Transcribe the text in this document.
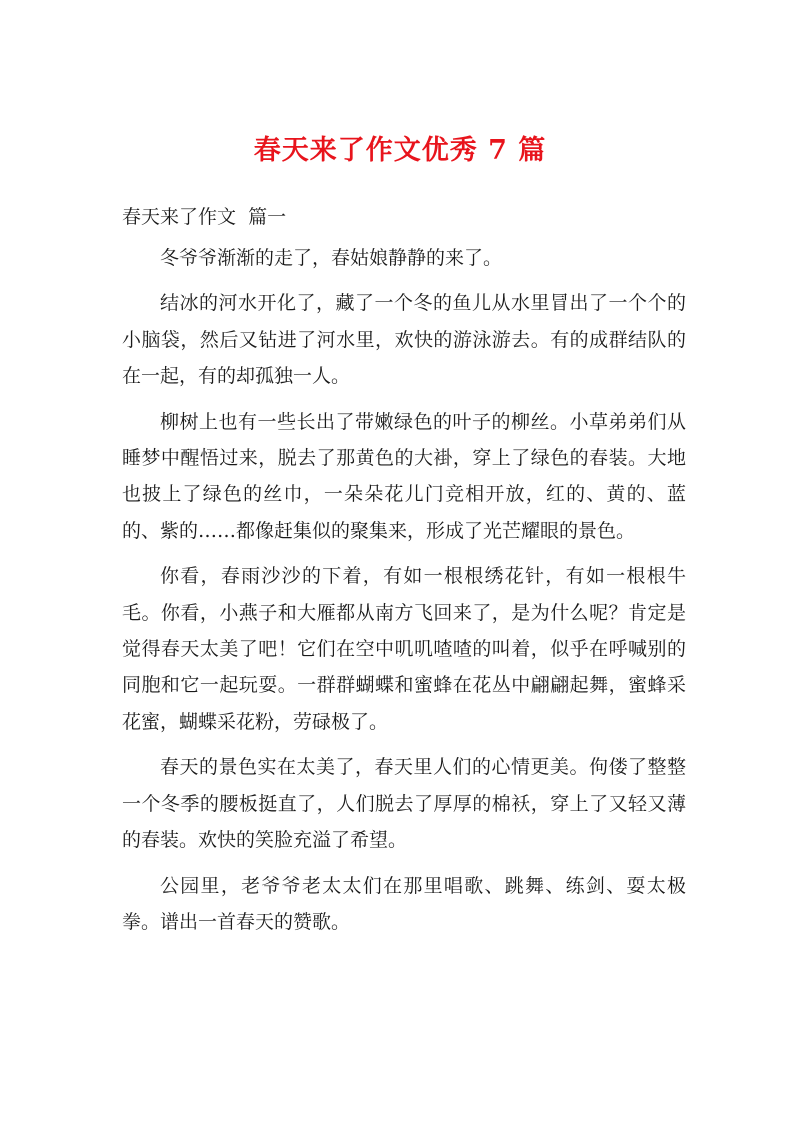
春天来了作文优秀 7 篇
春天来了作文  篇一

冬爷爷渐渐的走了，春姑娘静静的来了。

结冰的河水开化了，藏了一个冬的鱼儿从水里冒出了一个个的小脑袋，然后又钻进了河水里，欢快的游泳游去。有的成群结队的在一起，有的却孤独一人。

柳树上也有一些长出了带嫩绿色的叶子的柳丝。小草弟弟们从睡梦中醒悟过来，脱去了那黄色的大褂，穿上了绿色的春装。大地也披上了绿色的丝巾，一朵朵花儿门竞相开放，红的、黄的、蓝的、紫的……都像赶集似的聚集来，形成了光芒耀眼的景色。

你看，春雨沙沙的下着，有如一根根绣花针，有如一根根牛毛。你看，小燕子和大雁都从南方飞回来了，是为什么呢？肯定是觉得春天太美了吧！它们在空中叽叽喳喳的叫着，似乎在呼喊别的同胞和它一起玩耍。一群群蝴蝶和蜜蜂在花丛中翩翩起舞，蜜蜂采花蜜，蝴蝶采花粉，劳碌极了。

春天的景色实在太美了，春天里人们的心情更美。佝偻了整整一个冬季的腰板挺直了，人们脱去了厚厚的棉袄，穿上了又轻又薄的春装。欢快的笑脸充溢了希望。

公园里，老爷爷老太太们在那里唱歌、跳舞、练剑、耍太极拳。谱出一首春天的赞歌。
